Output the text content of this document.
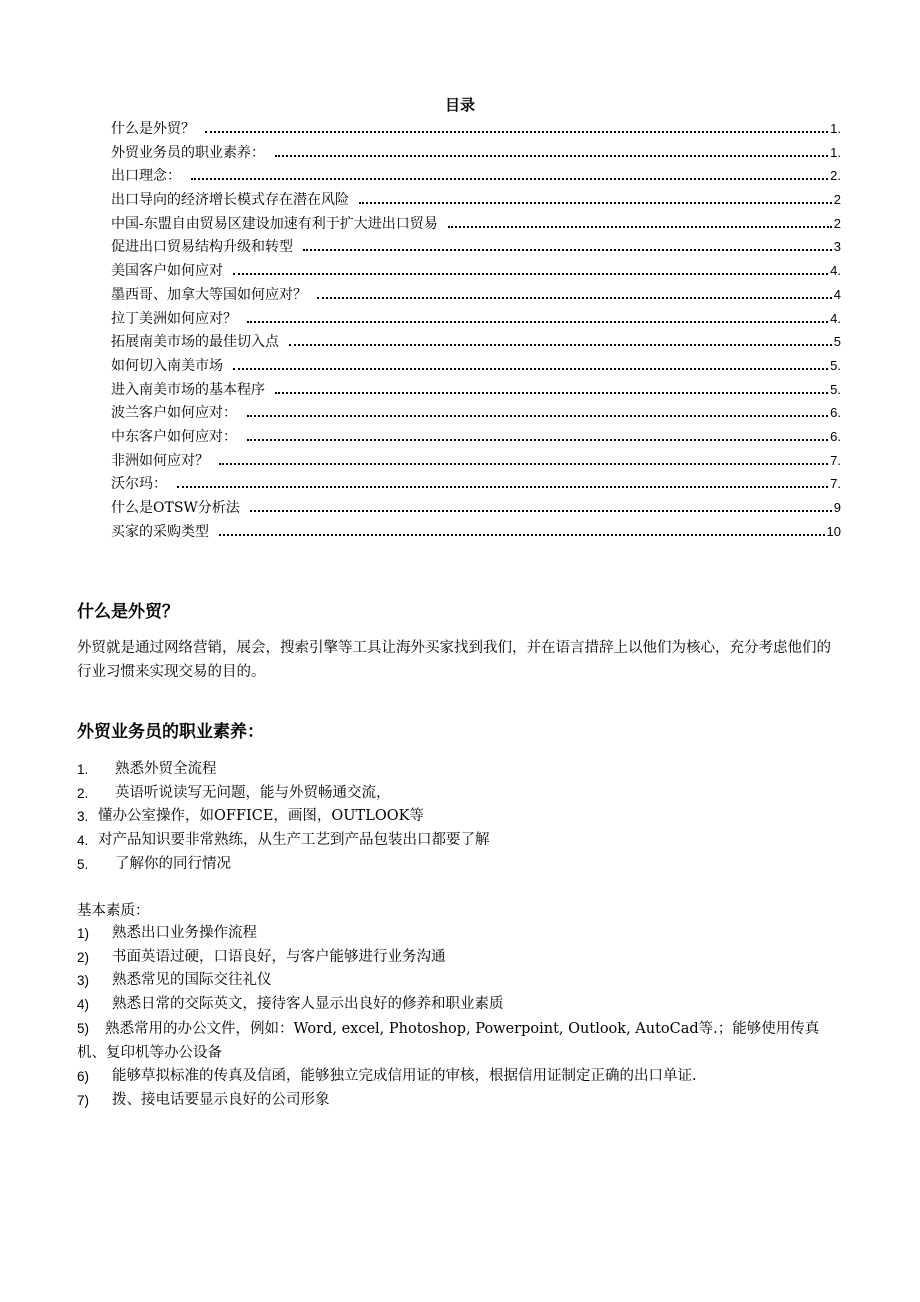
目录
什么是外贸？	1.
外贸业务员的职业素养：	1.
出口理念：	2.
出口导向的经济增长模式存在潜在风险	2
中国-东盟自由贸易区建设加速有利于扩大进出口贸易	2
促进出口贸易结构升级和转型	3
美国客户如何应对	4.
墨西哥、加拿大等国如何应对？	4
拉丁美洲如何应对？	4.
拓展南美市场的最佳切入点	5
如何切入南美市场	5.
进入南美市场的基本程序	5.
波兰客户如何应对：	6.
中东客户如何应对：	6.
非洲如何应对？	7.
沃尔玛：	7.
什么是OTSW分析法	9
买家的采购类型	10
什么是外贸？

外贸就是通过网络营销，展会，搜索引擎等工具让海外买家找到我们，并在语言措辞上以他们为核心，充分考虑他们的行业习惯来实现交易的目的。

外贸业务员的职业素养：
1.	熟悉外贸全流程
2.	英语听说读写无问题，能与外贸畅通交流，
3. 懂办公室操作，如OFFICE，画图，OUTLOOK等
4. 对产品知识要非常熟练，从生产工艺到产品包装出口都要了解
5.	了解你的同行情况

基本素质：

1)	熟悉出口业务操作流程
2)	书面英语过硬，口语良好，与客户能够进行业务沟通
3)	熟悉常见的国际交往礼仪
4)	熟悉日常的交际英文，接待客人显示出良好的修养和职业素质
5) 熟悉常用的办公文件，例如：Word, excel, Photoshop, Powerpoint, Outlook, AutoCad等.；能够使用传真机、复印机等办公设备
6)	能够草拟标准的传真及信函，能够独立完成信用证的审核，根据信用证制定正确的出口单证.
7)	拨、接电话要显示良好的公司形象
